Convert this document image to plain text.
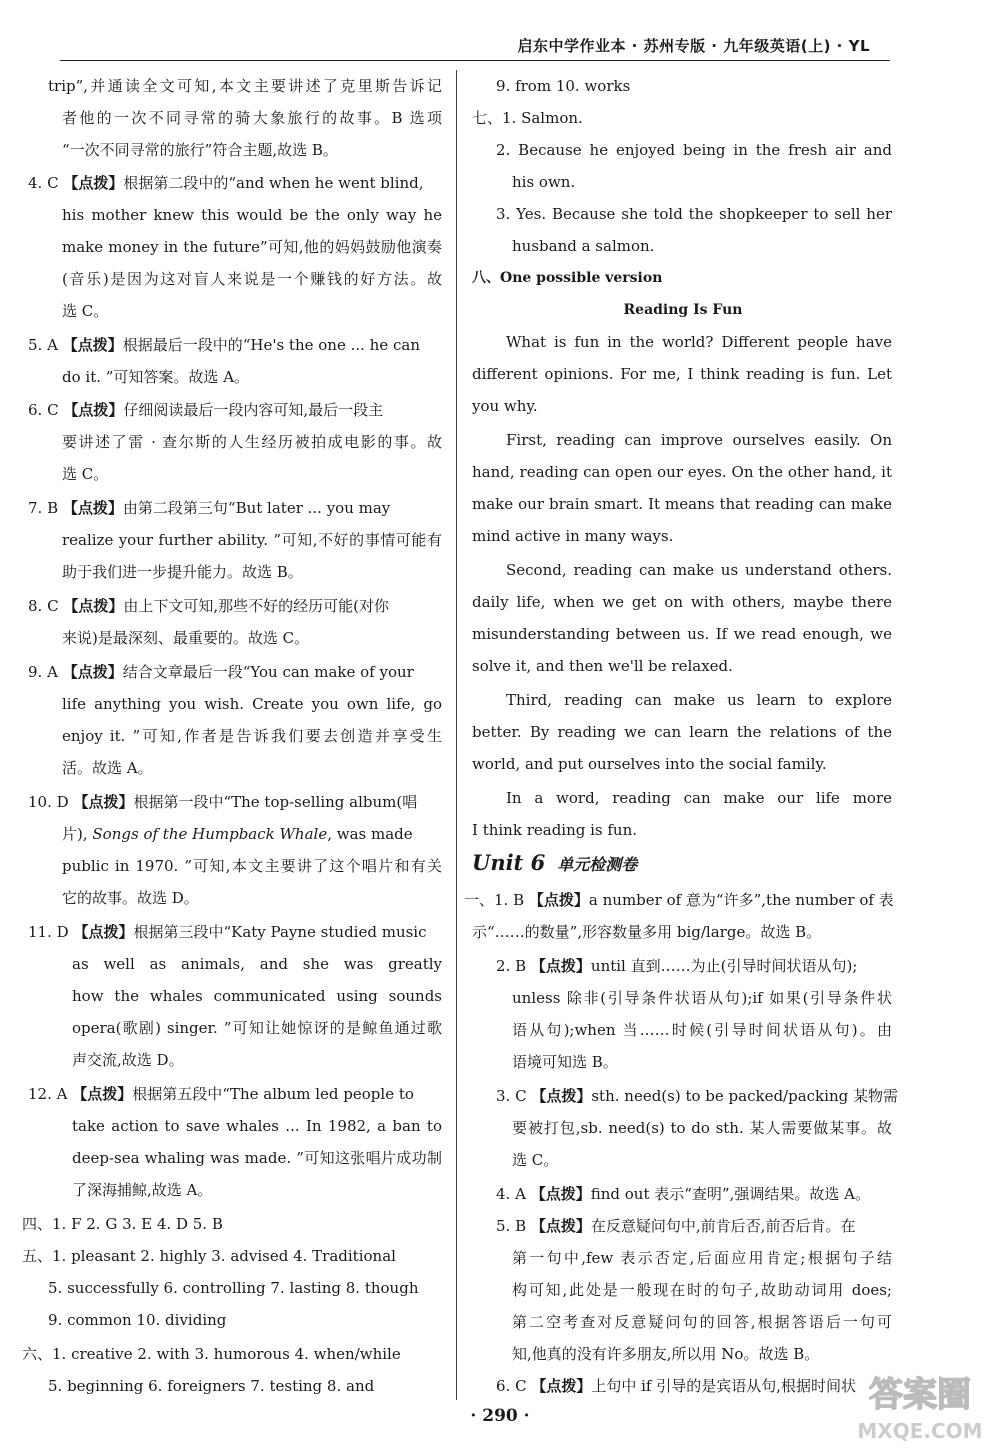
启东中学作业本 · 苏州专版 · 九年级英语(上) · YL
trip”,并通读全文可知,本文主要讲述了克里斯告诉记
者他的一次不同寻常的骑大象旅行的故事。B 选项
“一次不同寻常的旅行”符合主题,故选 B。
4. C 【点拨】根据第二段中的“and when he went blind,
his mother knew this would be the only way he
make money in the future”可知,他的妈妈鼓励他演奏
(音乐)是因为这对盲人来说是一个赚钱的好方法。故
选 C。
5. A 【点拨】根据最后一段中的“He's the one ... he can
do it. ”可知答案。故选 A。
6. C 【点拨】仔细阅读最后一段内容可知,最后一段主
要讲述了雷 · 查尔斯的人生经历被拍成电影的事。故
选 C。
7. B 【点拨】由第二段第三句“But later ... you may
realize your further ability. ”可知,不好的事情可能有
助于我们进一步提升能力。故选 B。
8. C 【点拨】由上下文可知,那些不好的经历可能(对你
来说)是最深刻、最重要的。故选 C。
9. A 【点拨】结合文章最后一段“You can make of your
life anything you wish. Create you own life, go
enjoy it. ”可知,作者是告诉我们要去创造并享受生
活。故选 A。
10. D 【点拨】根据第一段中“The top-selling album(唱
片), Songs of the Humpback Whale, was made
public in 1970. ”可知,本文主要讲了这个唱片和有关
它的故事。故选 D。
11. D 【点拨】根据第三段中“Katy Payne studied music
as well as animals, and she was greatly
how the whales communicated using sounds
opera(歌剧) singer. ”可知让她惊讶的是鲸鱼通过歌
声交流,故选 D。
12. A 【点拨】根据第五段中“The album led people to
take action to save whales ... In 1982, a ban to
deep-sea whaling was made. ”可知这张唱片成功制
了深海捕鲸,故选 A。
四、1. F 2. G 3. E 4. D 5. B
五、1. pleasant 2. highly 3. advised 4. Traditional
5. successfully 6. controlling 7. lasting 8. though
9. common 10. dividing
六、1. creative 2. with 3. humorous 4. when/while
5. beginning 6. foreigners 7. testing 8. and
9. from 10. works
七、1. Salmon.
2. Because he enjoyed being in the fresh air and
his own.
3. Yes. Because she told the shopkeeper to sell her
husband a salmon.
八、One possible version
Reading Is Fun
What is fun in the world? Different people have
different opinions. For me, I think reading is fun. Let
you why.
First, reading can improve ourselves easily. On
hand, reading can open our eyes. On the other hand, it
make our brain smart. It means that reading can make
mind active in many ways.
Second, reading can make us understand others.
daily life, when we get on with others, maybe there
misunderstanding between us. If we read enough, we
solve it, and then we'll be relaxed.
Third, reading can make us learn to explore
better. By reading we can learn the relations of the
world, and put ourselves into the social family.
In a word, reading can make our life more
I think reading is fun.
Unit 6 单元检测卷
一、1. B 【点拨】a number of 意为“许多”,the number of 表
示“……的数量”,形容数量多用 big/large。故选 B。
2. B 【点拨】until 直到……为止(引导时间状语从句);
unless 除非(引导条件状语从句);if 如果(引导条件状
语从句);when 当……时候(引导时间状语从句)。由
语境可知选 B。
3. C 【点拨】sth. need(s) to be packed/packing 某物需
要被打包,sb. need(s) to do sth. 某人需要做某事。故
选 C。
4. A 【点拨】find out 表示“查明”,强调结果。故选 A。
5. B 【点拨】在反意疑问句中,前肯后否,前否后肯。在
第一句中,few 表示否定,后面应用肯定;根据句子结
构可知,此处是一般现在时的句子,故助动词用 does;
第二空考查对反意疑问句的回答,根据答语后一句可
知,他真的没有许多朋友,所以用 No。故选 B。
6. C 【点拨】上句中 if 引导的是宾语从句,根据时间状
· 290 ·
答案圈
MXQE.COM
